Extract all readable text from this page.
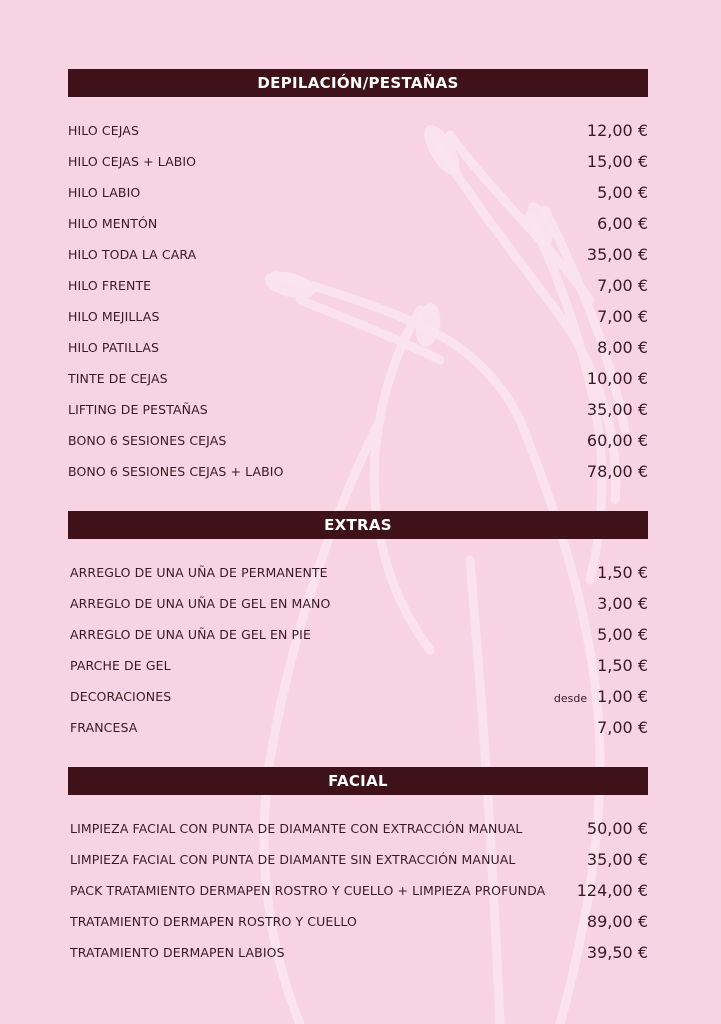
DEPILACIÓN/PESTAÑAS
HILO CEJAS	12,00 €
HILO CEJAS + LABIO	15,00 €
HILO LABIO	5,00 €
HILO MENTÓN	6,00 €
HILO TODA LA CARA	35,00 €
HILO FRENTE	7,00 €
HILO MEJILLAS	7,00 €
HILO PATILLAS	8,00 €
TINTE DE CEJAS	10,00 €
LIFTING DE PESTAÑAS	35,00 €
BONO 6 SESIONES CEJAS	60,00 €
BONO 6 SESIONES CEJAS + LABIO	78,00 €
EXTRAS
ARREGLO DE UNA UÑA DE PERMANENTE	1,50 €
ARREGLO DE UNA UÑA DE GEL EN MANO	3,00 €
ARREGLO DE UNA UÑA DE GEL EN PIE	5,00 €
PARCHE DE GEL	1,50 €
DECORACIONES	desde 1,00 €
FRANCESA	7,00 €
FACIAL
LIMPIEZA FACIAL CON PUNTA DE DIAMANTE CON EXTRACCIÓN MANUAL	50,00 €
LIMPIEZA FACIAL CON PUNTA DE DIAMANTE SIN EXTRACCIÓN MANUAL	35,00 €
PACK TRATAMIENTO DERMAPEN ROSTRO Y CUELLO + LIMPIEZA PROFUNDA 124,00 €
TRATAMIENTO DERMAPEN ROSTRO Y CUELLO	89,00 €
TRATAMIENTO DERMAPEN LABIOS	39,50 €
